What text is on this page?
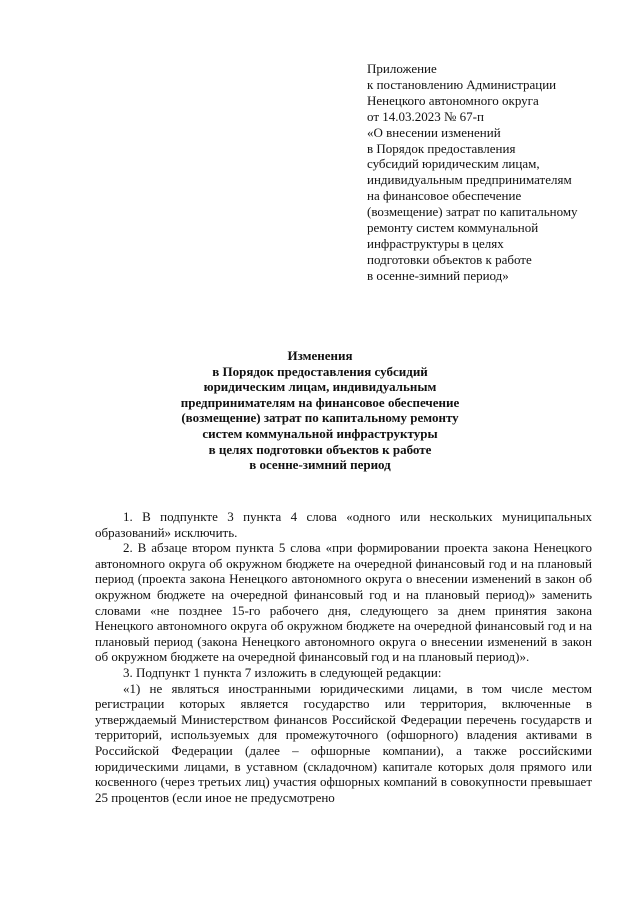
Приложение
к постановлению Администрации
Ненецкого автономного округа
от 14.03.2023 № 67-п
«О внесении изменений
в Порядок предоставления
субсидий юридическим лицам,
индивидуальным предпринимателям
на финансовое обеспечение
(возмещение) затрат по капитальному
ремонту систем коммунальной
инфраструктуры в целях
подготовки объектов к работе
в осенне-зимний период»
Изменения
в Порядок предоставления субсидий
юридическим лицам, индивидуальным
предпринимателям на финансовое обеспечение
(возмещение) затрат по капитальному ремонту
систем коммунальной инфраструктуры
в целях подготовки объектов к работе
в осенне-зимний период

1. В подпункте 3 пункта 4 слова «одного или нескольких муниципальных образований» исключить.

2. В абзаце втором пункта 5 слова «при формировании проекта закона Ненецкого автономного округа об окружном бюджете на очередной финансовый год и на плановый период (проекта закона Ненецкого автономного округа о внесении изменений в закон об окружном бюджете на очередной финансовый год и на плановый период)» заменить словами «не позднее 15-го рабочего дня, следующего за днем принятия закона Ненецкого автономного округа об окружном бюджете на очередной финансовый год и на плановый период (закона Ненецкого автономного округа о внесении изменений в закон об окружном бюджете на очередной финансовый год и на плановый период)».

3. Подпункт 1 пункта 7 изложить в следующей редакции:

«1) не являться иностранными юридическими лицами, в том числе местом регистрации которых является государство или территория, включенные в утверждаемый Министерством финансов Российской Федерации перечень государств и территорий, используемых для промежуточного (офшорного) владения активами в Российской Федерации (далее – офшорные компании), а также российскими юридическими лицами, в уставном (складочном) капитале которых доля прямого или косвенного (через третьих лиц) участия офшорных компаний в совокупности превышает 25 процентов (если иное не предусмотрено
